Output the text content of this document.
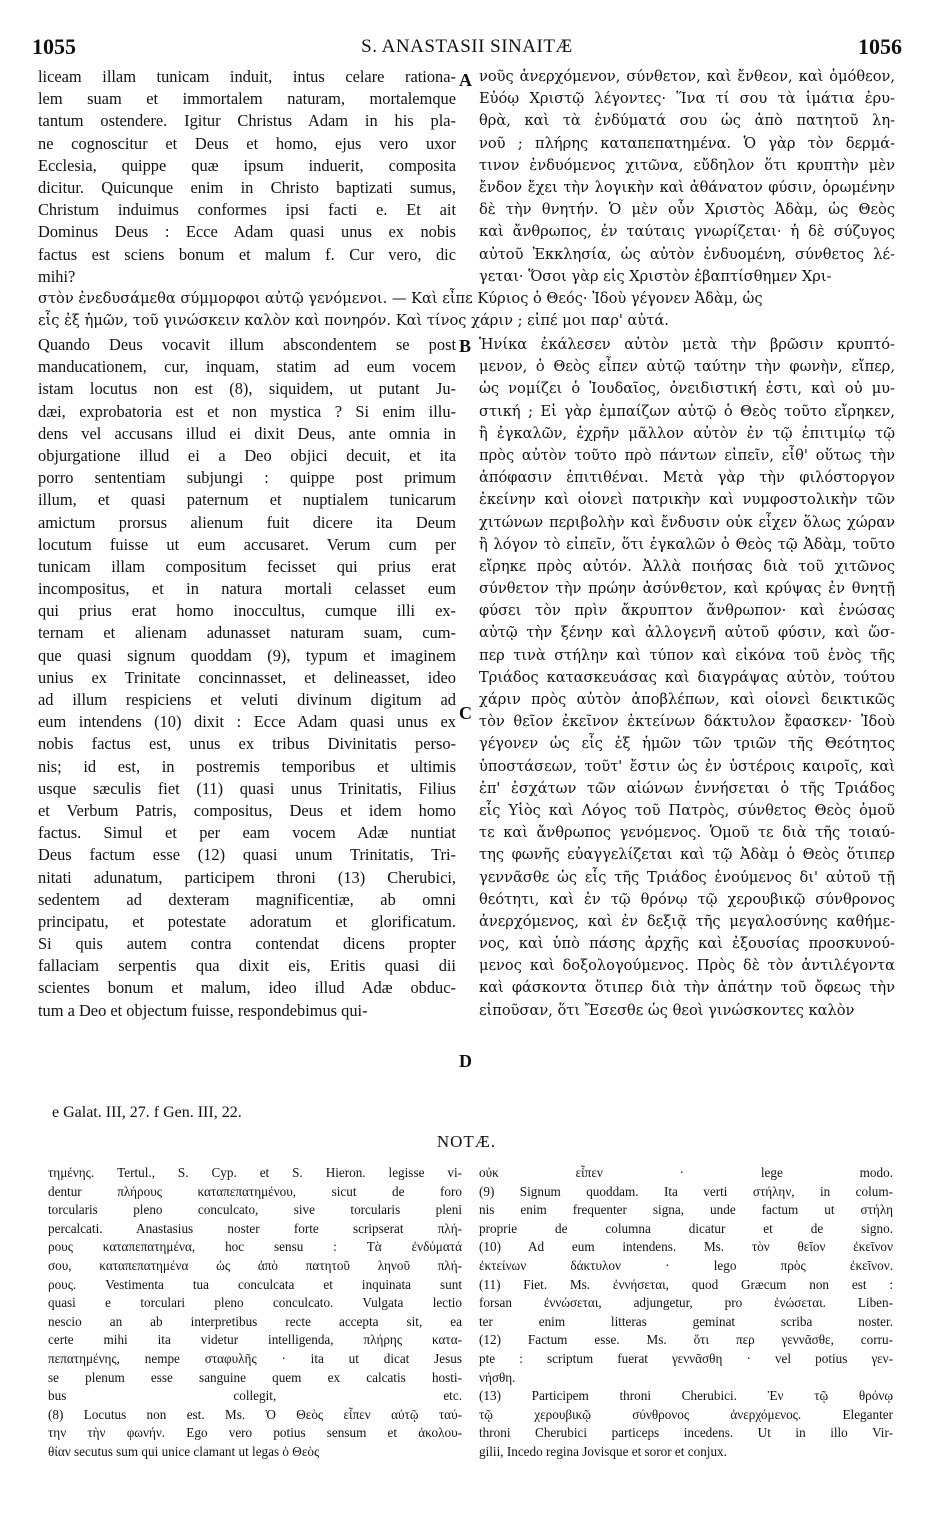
1055	S. ANASTASII SINAITÆ	1056
liceam illam tunicam induit, intus celare rationa-
lem suam et immortalem naturam, mortalemque
tantum ostendere. Igitur Christus Adam in his pla-
ne cognoscitur et Deus et homo, ejus vero uxor
Ecclesia, quippe quæ ipsum induerit, composita
dicitur. Quicunque enim in Christo baptizati sumus,
Christum induimus conformes ipsi facti e. Et ait
Dominus Deus : Ecce Adam quasi unus ex nobis
factus est sciens bonum et malum f. Cur vero, dic
mihi?
νοῦς ἀνερχόμενον, σύνθετον, καὶ ἔνθεον, καὶ ὁμόθεον,
Εὐόῳ Χριστῷ λέγοντες· Ἵνα τί σου τὰ ἱμάτια ἐρυ-
θρὰ, καὶ τὰ ἐνδύματά σου ὡς ἀπὸ πατητοῦ λη-
νοῦ ; πλήρης καταπεπατημένα. Ὁ γὰρ τὸν δερμά-
τινον ἐνδυόμενος χιτῶνα, εὔδηλον ὅτι κρυπτὴν μὲν
ἔνδον ἔχει τὴν λογικὴν καὶ ἀθάνατον φύσιν, ὁρωμένην
δὲ τὴν θνητήν. Ὁ μὲν οὖν Χριστὸς Ἀδὰμ, ὡς Θεὸς
καὶ ἄνθρωπος, ἐν ταύταις γνωρίζεται· ἡ δὲ σύζυγος
αὐτοῦ Ἐκκλησία, ὡς αὐτὸν ἐνδυομένη, σύνθετος λέ-
γεται· Ὅσοι γὰρ εἰς Χριστὸν ἐβαπτίσθημεν Χρι-
στὸν ἐνεδυσάμεθα σύμμορφοι αὐτῷ γενόμενοι. — Καὶ εἶπε Κύριος ὁ Θεός· Ἰδοὺ γέγονεν Ἀδὰμ, ὡς
εἷς ἐξ ἡμῶν, τοῦ γινώσκειν καλὸν καὶ πονηρόν. Καὶ τίνος χάριν ; εἰπέ μοι παρ' αὐτά.
Quando Deus vocavit illum abscondentem se post
manducationem, cur, inquam, statim ad eum vocem
istam locutus non est (8), siquidem, ut putant Ju-
dæi, exprobatoria est et non mystica ? Si enim illu-
dens vel accusans illud ei dixit Deus, ante omnia in
objurgatione illud ei a Deo objici decuit, et ita
porro sententiam subjungi : quippe post primum
illum, et quasi paternum et nuptialem tunicarum
amictum prorsus alienum fuit dicere ita Deum
locutum fuisse ut eum accusaret. Verum cum per
tunicam illam compositum fecisset qui prius erat
incompositus, et in natura mortali celasset eum
qui prius erat homo inoccultus, cumque illi ex-
ternam et alienam adunasset naturam suam, cum-
que quasi signum quoddam (9), typum et imaginem
unius ex Trinitate concinnasset, et delineasset, ideo
ad illum respiciens et veluti divinum digitum ad
eum intendens (10) dixit : Ecce Adam quasi unus ex
nobis factus est, unus ex tribus Divinitatis perso-
nis; id est, in postremis temporibus et ultimis
usque sæculis fiet (11) quasi unus Trinitatis, Filius
et Verbum Patris, compositus, Deus et idem homo
factus. Simul et per eam vocem Adæ nuntiat
Deus factum esse (12) quasi unum Trinitatis, Tri-
nitati adunatum, participem throni (13) Cherubici,
sedentem ad dexteram magnificentiæ, ab omni
principatu, et potestate adoratum et glorificatum.
Si quis autem contra contendat dicens propter
fallaciam serpentis qua dixit eis, Eritis quasi dii
scientes bonum et malum, ideo illud Adæ obduc-
tum a Deo et objectum fuisse, respondebimus qui-
Ἡνίκα ἐκάλεσεν αὐτὸν μετὰ τὴν βρῶσιν κρυπτό-
μενον, ὁ Θεὸς εἶπεν αὐτῷ ταύτην τὴν φωνὴν, εἴπερ,
ὡς νομίζει ὁ Ἰουδαῖος, ὀνειδιστική ἐστι, καὶ οὐ μυ-
στική ; Εἰ γὰρ ἐμπαίζων αὐτῷ ὁ Θεὸς τοῦτο εἴρηκεν,
ἢ ἐγκαλῶν, ἐχρῆν μᾶλλον αὐτὸν ἐν τῷ ἐπιτιμίῳ τῷ
πρὸς αὐτὸν τοῦτο πρὸ πάντων εἰπεῖν, εἶθ' οὕτως τὴν
ἀπόφασιν ἐπιτιθέναι. Μετὰ γὰρ τὴν φιλόστοργον
ἐκείνην καὶ οἱονεὶ πατρικὴν καὶ νυμφοστολικὴν τῶν
χιτώνων περιβολὴν καὶ ἔνδυσιν οὐκ εἶχεν ὅλως χώραν
ἢ λόγον τὸ εἰπεῖν, ὅτι ἐγκαλῶν ὁ Θεὸς τῷ Ἀδὰμ, τοῦτο
εἴρηκε πρὸς αὐτόν. Ἀλλὰ ποιήσας διὰ τοῦ χιτῶνος
σύνθετον τὴν πρώην ἀσύνθετον, καὶ κρύψας ἐν θνητῇ
φύσει τὸν πρὶν ἄκρυπτον ἄνθρωπον· καὶ ἑνώσας
αὐτῷ τὴν ξένην καὶ ἀλλογενῆ αὐτοῦ φύσιν, καὶ ὥσ-
περ τινὰ στήλην καὶ τύπον καὶ εἰκόνα τοῦ ἑνὸς τῆς
Τριάδος κατασκευάσας καὶ διαγράψας αὐτὸν, τούτου
χάριν πρὸς αὐτὸν ἀποβλέπων, καὶ οἱονεὶ δεικτικῶς
τὸν θεῖον ἐκεῖνον ἐκτείνων δάκτυλον ἔφασκεν· Ἰδοὺ
γέγονεν ὡς εἷς ἐξ ἡμῶν τῶν τριῶν τῆς Θεότητος
ὑποστάσεων, τοῦτ' ἔστιν ὡς ἐν ὑστέροις καιροῖς, καὶ
ἐπ' ἐσχάτων τῶν αἰώνων ἐννήσεται ὁ τῆς Τριάδος
εἷς Υἱὸς καὶ Λόγος τοῦ Πατρὸς, σύνθετος Θεὸς ὁμοῦ
τε καὶ ἄνθρωπος γενόμενος. Ὁμοῦ τε διὰ τῆς τοιαύ-
της φωνῆς εὐαγγελίζεται καὶ τῷ Ἀδὰμ ὁ Θεὸς ὅτιπερ
γεννᾶσθε ὡς εἷς τῆς Τριάδος ἑνούμενος δι' αὐτοῦ τῇ
θεότητι, καὶ ἐν τῷ θρόνῳ τῷ χερουβικῷ σύνθρονος
ἀνερχόμενος, καὶ ἐν δεξιᾷ τῆς μεγαλοσύνης καθήμε-
νος, καὶ ὑπὸ πάσης ἀρχῆς καὶ ἐξουσίας προσκυνού-
μενος καὶ δοξολογούμενος. Πρὸς δὲ τὸν ἀντιλέγοντα
καὶ φάσκοντα ὅτιπερ διὰ τὴν ἀπάτην τοῦ ὄφεως τὴν
εἰποῦσαν, ὅτι Ἔσεσθε ὡς θεοὶ γινώσκοντες καλὸν
A
B
C
D
e Galat. III, 27. f Gen. III, 22.
NOTÆ.
τημένης. Tertul., S. Cyp. et S. Hieron. legisse vi-
dentur πλήρους καταπεπατημένου, sicut de foro
torcularis pleno conculcato, sive torcularis pleni
percalcati. Anastasius noster forte scripserat πλή-
ρους καταπεπατημένα, hoc sensu : Τὰ ἐνδύματά
σου, καταπεπατημένα ὡς ἀπὸ πατητοῦ ληνοῦ πλή-
ρους. Vestimenta tua conculcata et inquinata sunt
quasi e torculari pleno conculcato. Vulgata lectio
nescio an ab interpretibus recte accepta sit, ea
certe mihi ita videtur intelligenda, πλήρης κατα-
πεπατημένης, nempe σταφυλῆς · ita ut dicat Jesus
se plenum esse sanguine quem ex calcatis hosti-
bus collegit, etc.
(8) Locutus non est. Ms. Ὁ Θεὸς εἶπεν αὐτῷ ταύ-
την τὴν φωνήν. Ego vero potius sensum et ἀκολου-
θίαν secutus sum qui unice clamant ut legas ὁ Θεὸς
οὐκ εἶπεν · lege modo.
(9) Signum quoddam. Ita verti στήλην, in colum-
nis enim frequenter signa, unde factum ut στήλη
proprie de columna dicatur et de signo.
(10) Ad eum intendens. Ms. τὸν θεῖον ἐκεῖνον
ἐκτείνων δάκτυλον · lego πρὸς ἐκεῖνον.
(11) Fiet. Ms. ἐννήσεται, quod Græcum non est :
forsan ἐννώσεται, adjungetur, pro ἑνώσεται. Liben-
ter enim litteras geminat scriba noster.
(12) Factum esse. Ms. ὅτι περ γεννᾶσθε, corru-
pte : scriptum fuerat γεννᾶσθη · vel potius γεν-
νήσθη.
(13) Participem throni Cherubici. Ἐν τῷ θρόνῳ
τῷ χερουβικῷ σύνθρονος ἀνερχόμενος. Eleganter
throni Cherubici particeps incedens. Ut in illo Vir-
gilii, Incedo regina Jovisque et soror et conjux.
